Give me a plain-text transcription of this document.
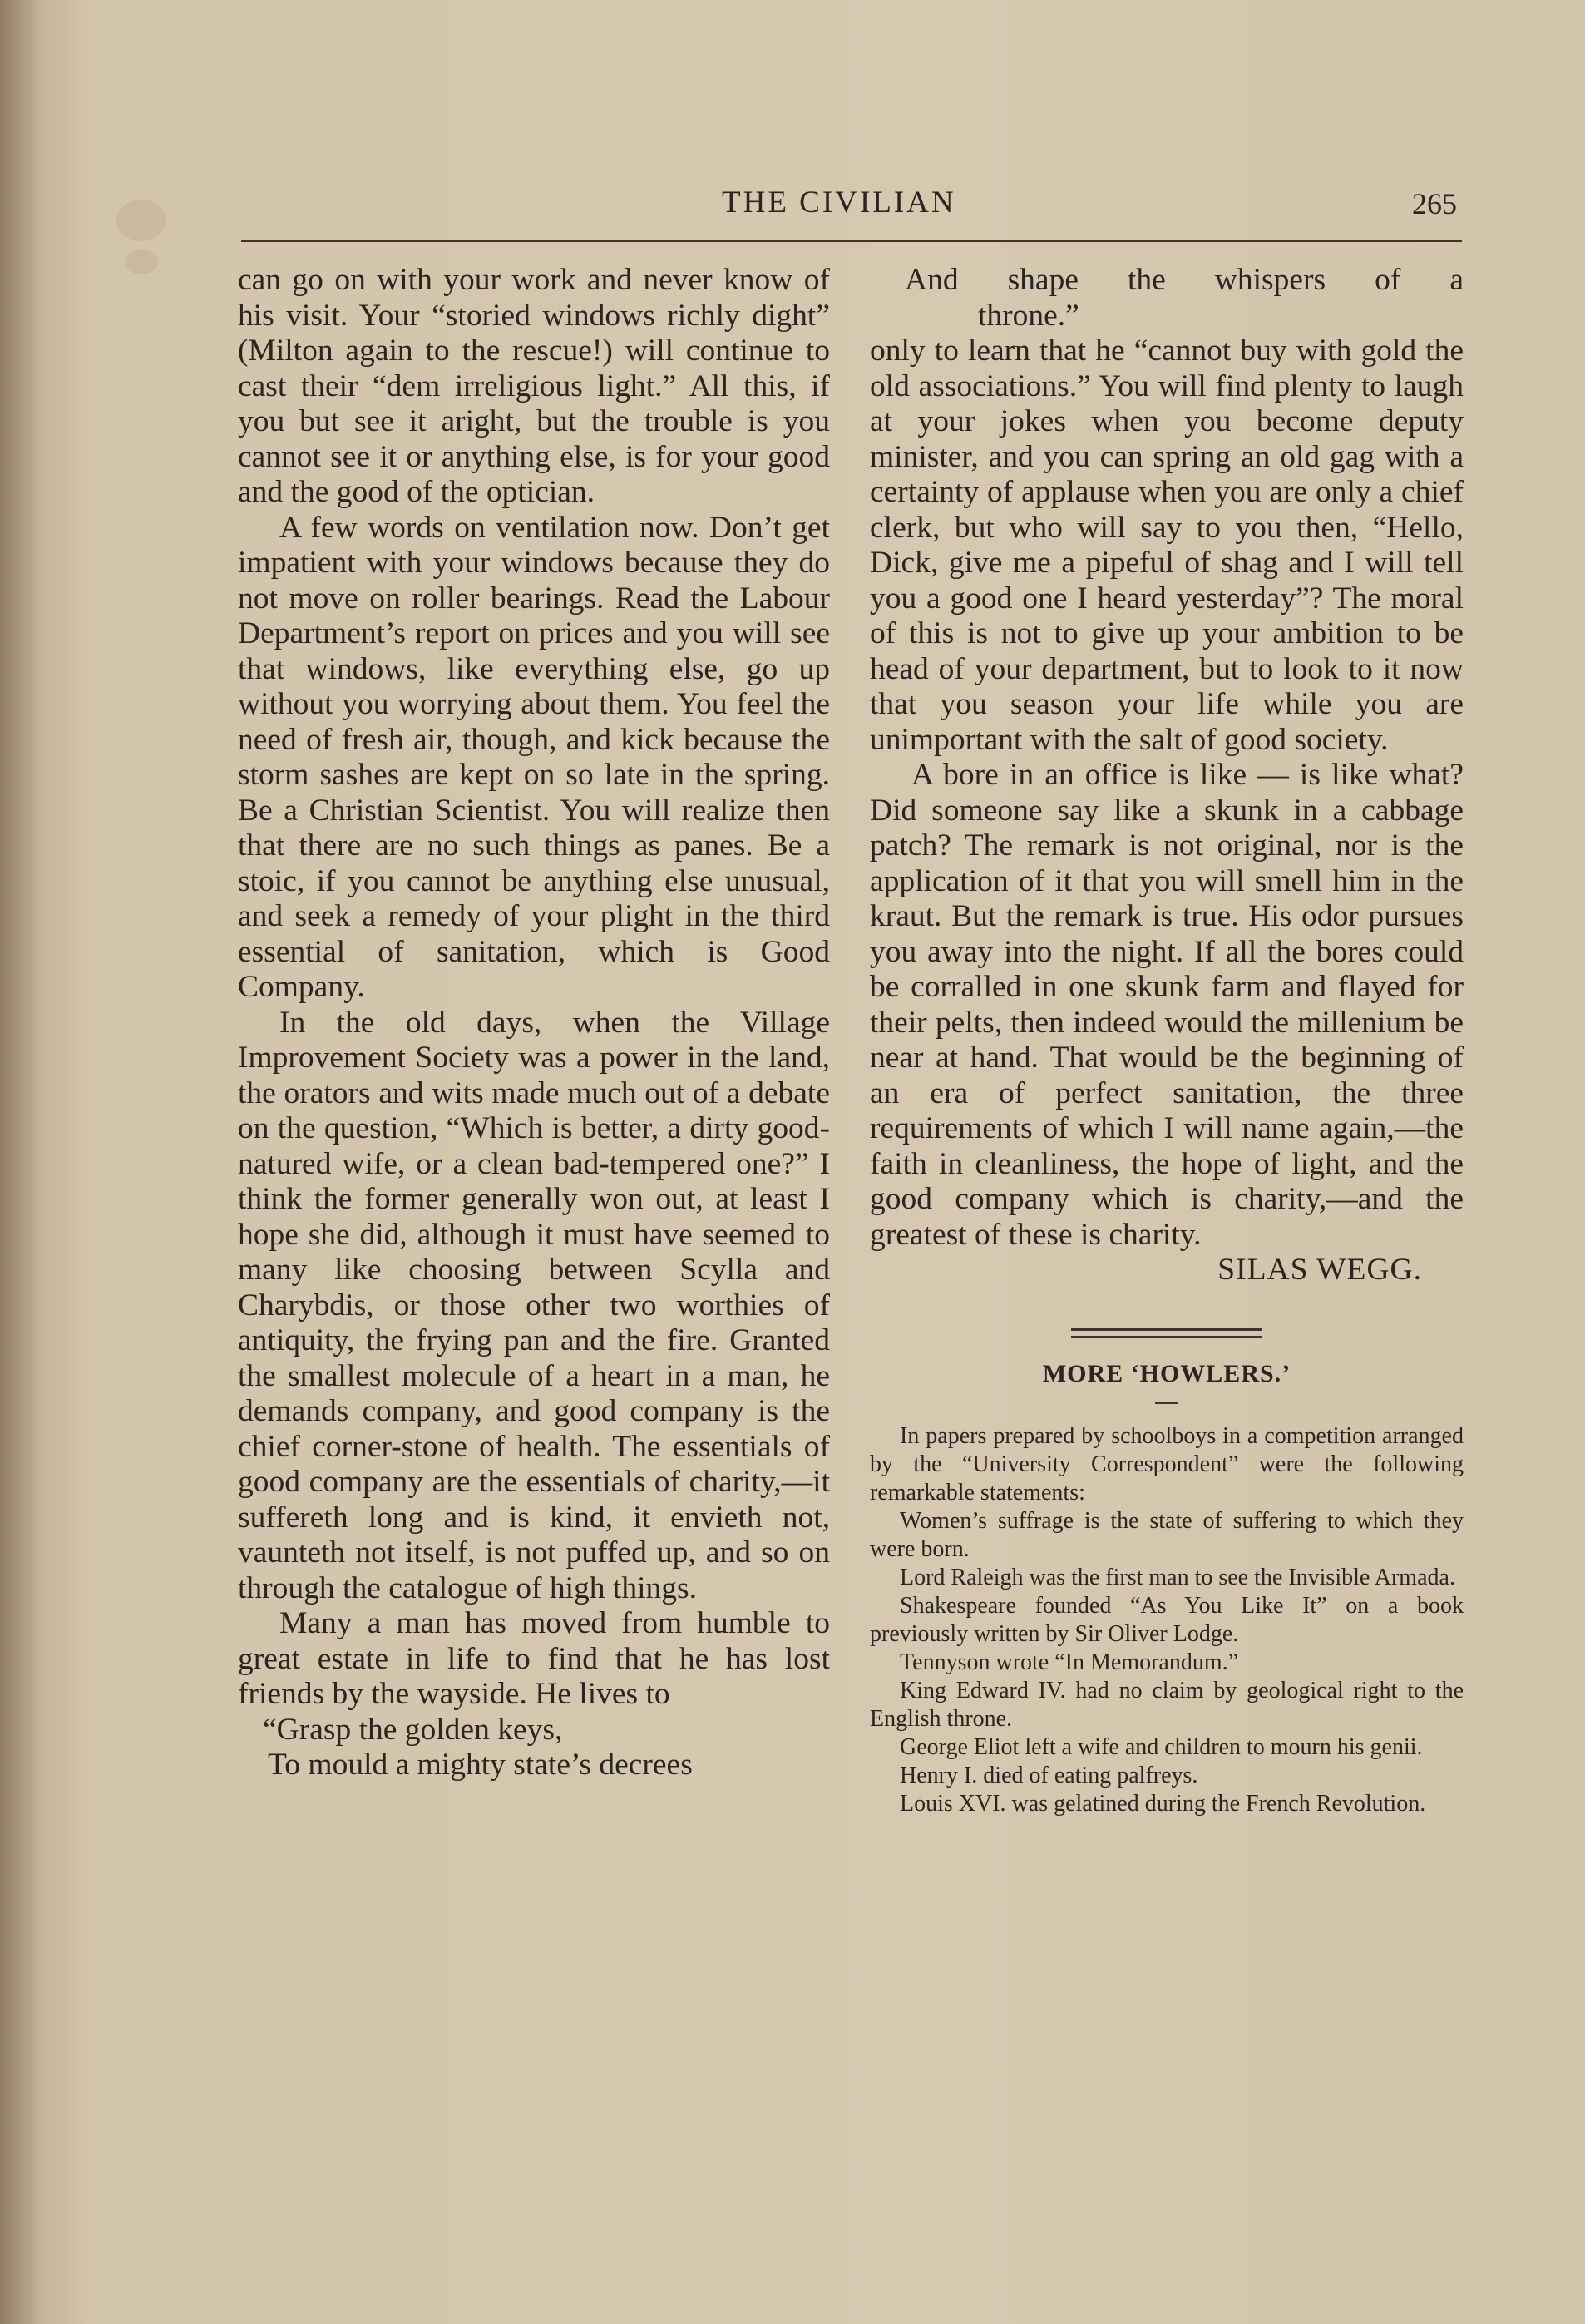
THE CIVILIAN	265

can go on with your work and never know of his visit. Your “storied windows richly dight” (Milton again to the rescue!) will continue to cast their “dem irreligious light.” All this, if you but see it aright, but the trouble is you cannot see it or anything else, is for your good and the good of the optician.

A few words on ventilation now. Don’t get impatient with your windows because they do not move on roller bearings. Read the Labour Department’s report on prices and you will see that windows, like everything else, go up without you worrying about them. You feel the need of fresh air, though, and kick because the storm sashes are kept on so late in the spring. Be a Christian Scientist. You will realize then that there are no such things as panes. Be a stoic, if you cannot be anything else unusual, and seek a remedy of your plight in the third essential of sanitation, which is Good Company.

In the old days, when the Village Improvement Society was a power in the land, the orators and wits made much out of a debate on the question, “Which is better, a dirty good-natured wife, or a clean bad-tempered one?” I think the former generally won out, at least I hope she did, although it must have seemed to many like choosing between Scylla and Charybdis, or those other two worthies of antiquity, the frying pan and the fire. Granted the smallest molecule of a heart in a man, he demands company, and good company is the chief corner-stone of health. The essentials of good company are the essentials of charity,—it suffereth long and is kind, it envieth not, vaunteth not itself, is not puffed up, and so on through the catalogue of high things.

Many a man has moved from humble to great estate in life to find that he has lost friends by the wayside. He lives to

“Grasp the golden keys,
To mould a mighty state’s decrees
And shape the whispers of a
throne.”

only to learn that he “cannot buy with gold the old associations.” You will find plenty to laugh at your jokes when you become deputy minister, and you can spring an old gag with a certainty of applause when you are only a chief clerk, but who will say to you then, “Hello, Dick, give me a pipeful of shag and I will tell you a good one I heard yesterday”? The moral of this is not to give up your ambition to be head of your department, but to look to it now that you season your life while you are unimportant with the salt of good society.

A bore in an office is like — is like what? Did someone say like a skunk in a cabbage patch? The remark is not original, nor is the application of it that you will smell him in the kraut. But the remark is true. His odor pursues you away into the night. If all the bores could be corralled in one skunk farm and flayed for their pelts, then indeed would the millenium be near at hand. That would be the beginning of an era of perfect sanitation, the three requirements of which I will name again,—the faith in cleanliness, the hope of light, and the good company which is charity,—and the greatest of these is charity.

SILAS WEGG.
MORE ‘HOWLERS.’

In papers prepared by schoolboys in a competition arranged by the “University Correspondent” were the following remarkable statements:

Women’s suffrage is the state of suffering to which they were born.

Lord Raleigh was the first man to see the Invisible Armada.

Shakespeare founded “As You Like It” on a book previously written by Sir Oliver Lodge.

Tennyson wrote “In Memorandum.”

King Edward IV. had no claim by geological right to the English throne.

George Eliot left a wife and children to mourn his genii.

Henry I. died of eating palfreys.

Louis XVI. was gelatined during the French Revolution.
